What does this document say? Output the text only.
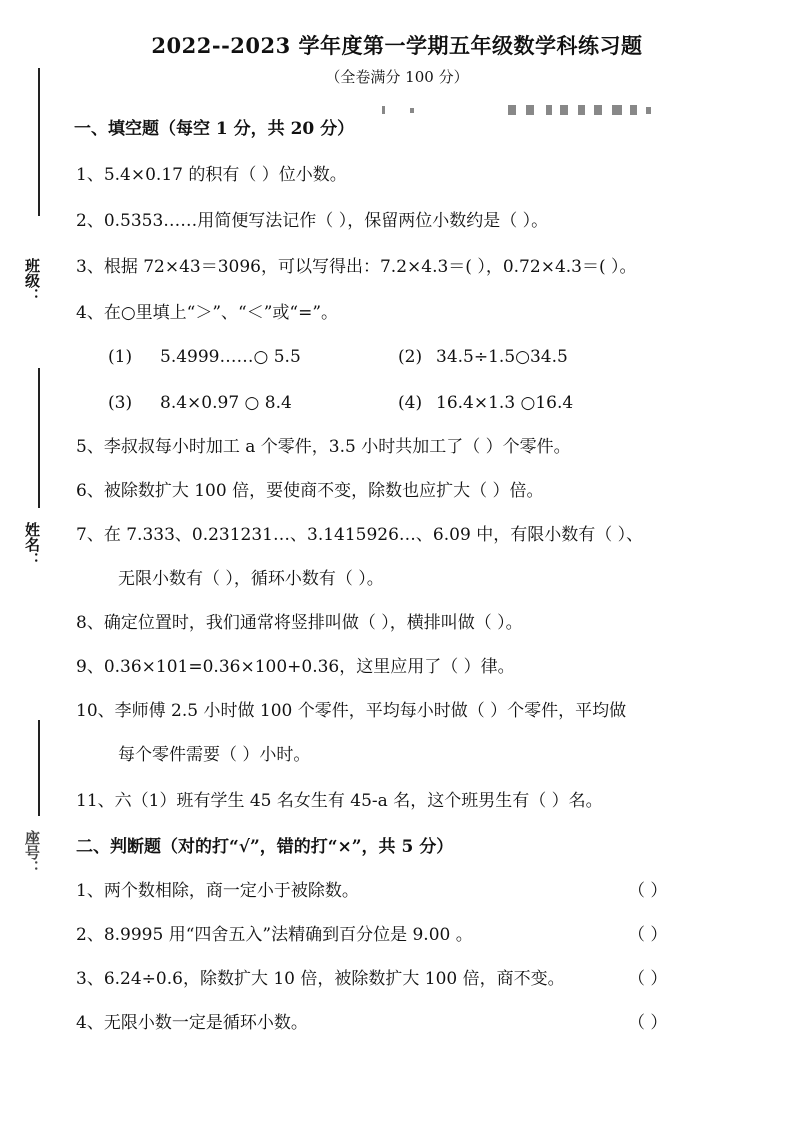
2022--2023 学年度第一学期五年级数学科练习题
（全卷满分 100 分）
班级：
姓名：
座号：
一、填空题（每空 1 分，共 20 分）
1、5.4×0.17 的积有（ ）位小数。
2、0.5353……用简便写法记作（ ），保留两位小数约是（ ）。
3、根据 72×43＝3096，可以写得出：7.2×4.3＝( ），0.72×4.3＝( ）。
4、在○里填上“＞”、“＜”或“=”。
(1) 5.4999……○ 5.5	(2) 34.5÷1.5○34.5
(3) 8.4×0.97 ○ 8.4	(4) 16.4×1.3 ○16.4
5、李叔叔每小时加工 a 个零件，3.5 小时共加工了（ ）个零件。
6、被除数扩大 100 倍，要使商不变，除数也应扩大（ ）倍。
7、在 7.333、0.231231…、3.1415926…、6.09 中，有限小数有（ ）、
无限小数有（ ），循环小数有（ ）。
8、确定位置时，我们通常将竖排叫做（ ），横排叫做（ ）。
9、0.36×101=0.36×100+0.36，这里应用了（ ）律。
10、李师傅 2.5 小时做 100 个零件，平均每小时做（ ）个零件，平均做
每个零件需要（ ）小时。
11、六（1）班有学生 45 名女生有 45-a 名，这个班男生有（ ）名。
二、判断题（对的打“√”，错的打“×”，共 5 分）
1、两个数相除，商一定小于被除数。	（ ）
2、8.9995 用“四舍五入”法精确到百分位是 9.00 。	（ ）
3、6.24÷0.6，除数扩大 10 倍，被除数扩大 100 倍，商不变。	（ ）
4、无限小数一定是循环小数。	（ ）
